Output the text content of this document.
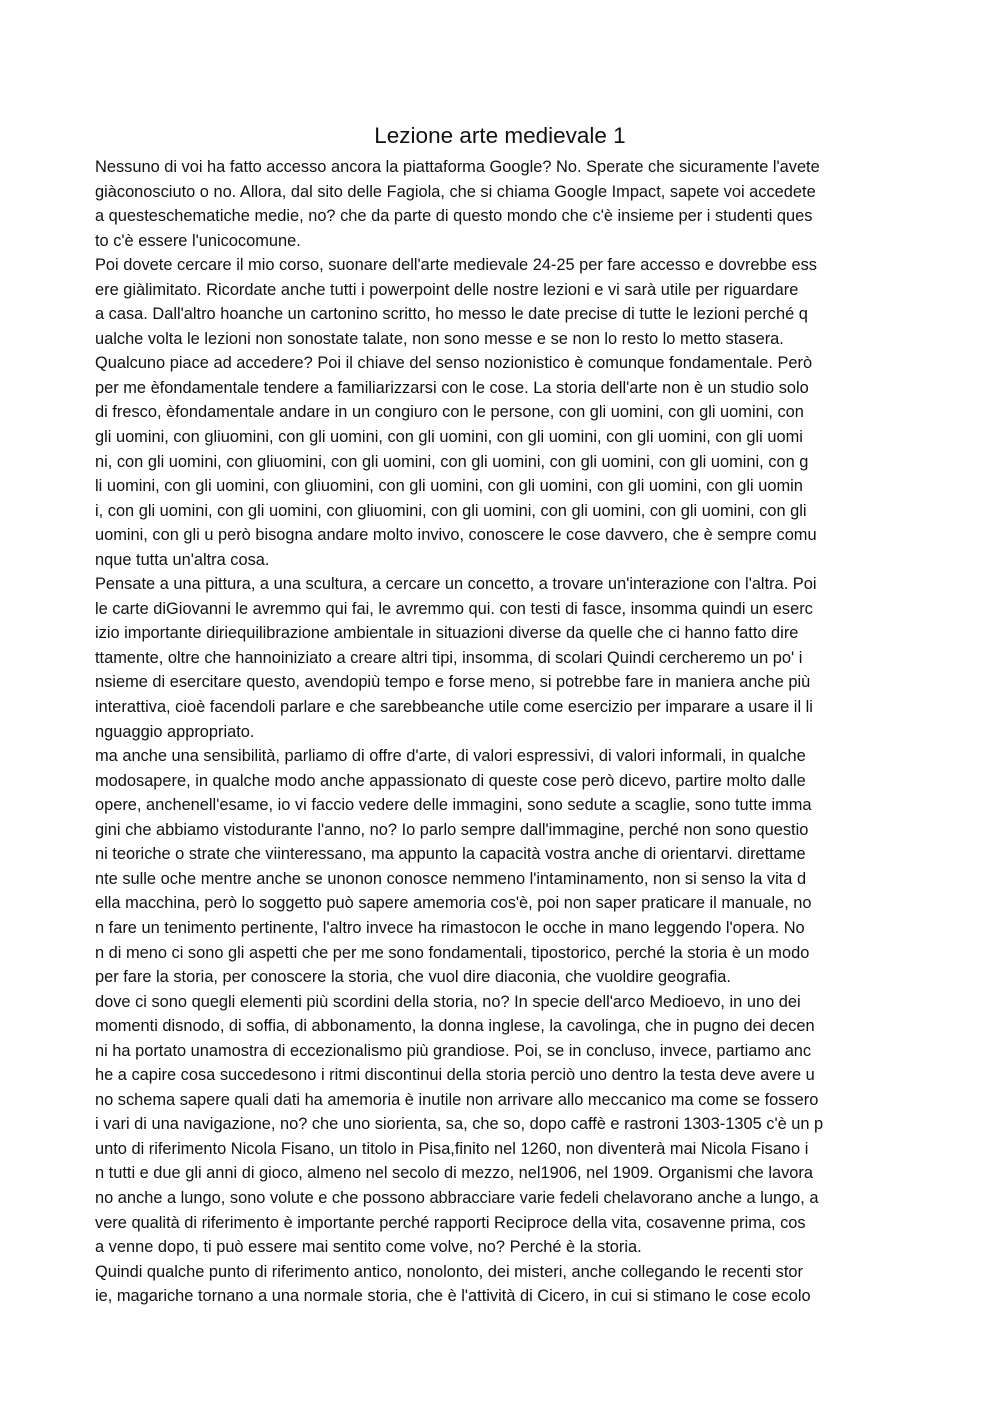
Lezione arte medievale 1
Nessuno di voi ha fatto accesso ancora la piattaforma Google? No. Sperate che sicuramente l'avete
giàconosciuto o no. Allora, dal sito delle Fagiola, che si chiama Google Impact, sapete voi accedete
a questeschematiche medie, no? che da parte di questo mondo che c'è insieme per i studenti ques
to c'è essere l'unicocomune.
Poi dovete cercare il mio corso, suonare dell'arte medievale 24-25 per fare accesso e dovrebbe ess
ere giàlimitato. Ricordate anche tutti i powerpoint delle nostre lezioni e vi sarà utile per riguardare
a casa. Dall'altro hoanche un cartonino scritto, ho messo le date precise di tutte le lezioni perché q
ualche volta le lezioni non sonostate talate, non sono messe e se non lo resto lo metto stasera.
Qualcuno piace ad accedere? Poi il chiave del senso nozionistico è comunque fondamentale. Però
per me èfondamentale tendere a familiarizzarsi con le cose. La storia dell'arte non è un studio solo
di fresco, èfondamentale andare in un congiuro con le persone, con gli uomini, con gli uomini, con
gli uomini, con gliuomini, con gli uomini, con gli uomini, con gli uomini, con gli uomini, con gli uomi
ni, con gli uomini, con gliuomini, con gli uomini, con gli uomini, con gli uomini, con gli uomini, con g
li uomini, con gli uomini, con gliuomini, con gli uomini, con gli uomini, con gli uomini, con gli uomin
i, con gli uomini, con gli uomini, con gliuomini, con gli uomini, con gli uomini, con gli uomini, con gli
uomini, con gli u però bisogna andare molto invivo, conoscere le cose davvero, che è sempre comu
nque tutta un'altra cosa.
Pensate a una pittura, a una scultura, a cercare un concetto, a trovare un'interazione con l'altra. Poi
le carte diGiovanni le avremmo qui fai, le avremmo qui. con testi di fasce, insomma quindi un eserc
izio importante diriequilibrazione ambientale in situazioni diverse da quelle che ci hanno fatto dire
ttamente, oltre che hannoiniziato a creare altri tipi, insomma, di scolari Quindi cercheremo un po' i
nsieme di esercitare questo, avendopiù tempo e forse meno, si potrebbe fare in maniera anche più
interattiva, cioè facendoli parlare e che sarebbeanche utile come esercizio per imparare a usare il li
nguaggio appropriato.
ma anche una sensibilità, parliamo di offre d'arte, di valori espressivi, di valori informali, in qualche
modosapere, in qualche modo anche appassionato di queste cose però dicevo, partire molto dalle
opere, anchenell'esame, io vi faccio vedere delle immagini, sono sedute a scaglie, sono tutte imma
gini che abbiamo vistodurante l'anno, no? Io parlo sempre dall'immagine, perché non sono questio
ni teoriche o strate che viinteressano, ma appunto la capacità vostra anche di orientarvi. direttame
nte sulle oche mentre anche se unonon conosce nemmeno l'intaminamento, non si senso la vita d
ella macchina, però lo soggetto può sapere amemoria cos'è, poi non saper praticare il manuale, no
n fare un tenimento pertinente, l'altro invece ha rimastocon le ocche in mano leggendo l'opera. No
n di meno ci sono gli aspetti che per me sono fondamentali, tipostorico, perché la storia è un modo
per fare la storia, per conoscere la storia, che vuol dire diaconia, che vuoldire geografia.
dove ci sono quegli elementi più scordini della storia, no? In specie dell'arco Medioevo, in uno dei
momenti disnodo, di soffia, di abbonamento, la donna inglese, la cavolinga, che in pugno dei decen
ni ha portato unamostra di eccezionalismo più grandiose. Poi, se in concluso, invece, partiamo anc
he a capire cosa succedesono i ritmi discontinui della storia perciò uno dentro la testa deve avere u
no schema sapere quali dati ha amemoria è inutile non arrivare allo meccanico ma come se fossero
i vari di una navigazione, no? che uno siorienta, sa, che so, dopo caffè e rastroni 1303-1305 c'è un p
unto di riferimento Nicola Fisano, un titolo in Pisa,finito nel 1260, non diventerà mai Nicola Fisano i
n tutti e due gli anni di gioco, almeno nel secolo di mezzo, nel1906, nel 1909. Organismi che lavora
no anche a lungo, sono volute e che possono abbracciare varie fedeli chelavorano anche a lungo, a
vere qualità di riferimento è importante perché rapporti Reciproce della vita, cosavenne prima, cos
a venne dopo, ti può essere mai sentito come volve, no? Perché è la storia.
Quindi qualche punto di riferimento antico, nonolonto, dei misteri, anche collegando le recenti stor
ie, magariche tornano a una normale storia, che è l'attività di Cicero, in cui si stimano le cose ecolo
